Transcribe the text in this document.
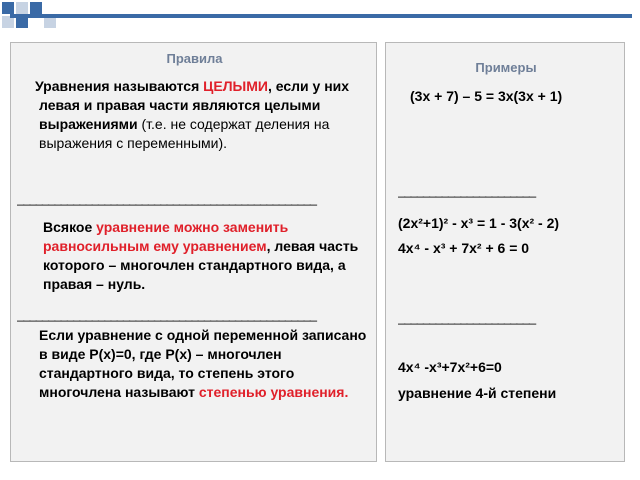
Правила
Уравнения называются ЦЕЛЫМИ, если у них левая и правая части являются целыми выражениями (т.е. не содержат деления на выражения с переменными).
________________________________________________
Всякое уравнение можно заменить равносильным ему уравнением, левая часть которого – многочлен стандартного вида, а правая – нуль.
________________________________________________
Если уравнение с одной переменной записано в виде Р(х)=0, где Р(х) – многочлен стандартного вида, то степень этого многочлена называют степенью уравнения.
Примеры
(3х + 7) – 5 = 3х(3х + 1)
______________________
(2х²+1)² - х³ = 1 - 3(х² - 2)
4х⁴ - х³ + 7х² + 6 = 0
______________________
4х⁴ -х³+7х²+6=0
уравнение 4-й степени
